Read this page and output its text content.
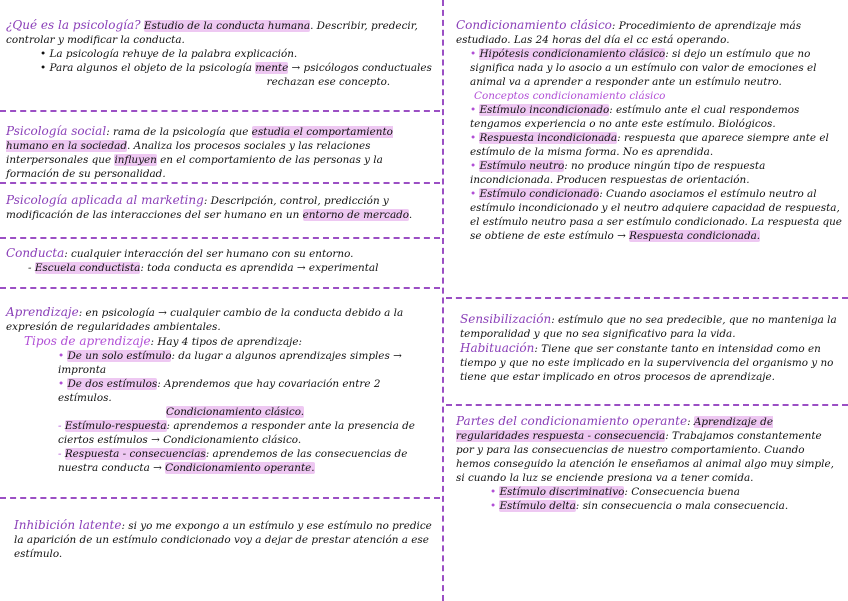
¿Qué es la psicología? Estudio de la conducta humana. Describir, predecir, controlar y modificar la conducta.

• La psicología rehuye de la palabra explicación.

• Para algunos el objeto de la psicología mente → psicólogos conductuales

rechazan ese concepto.

Psicología social: rama de la psicología que estudia el comportamiento humano en la sociedad. Analiza los procesos sociales y las relaciones interpersonales que influyen en el comportamiento de las personas y la formación de su personalidad.

Psicología aplicada al marketing: Descripción, control, predicción y modificación de las interacciones del ser humano en un entorno de mercado.

Conducta: cualquier interacción del ser humano con su entorno.

- Escuela conductista: toda conducta es aprendida → experimental

Aprendizaje: en psicología → cualquier cambio de la conducta debido a la expresión de regularidades ambientales.

Tipos de aprendizaje: Hay 4 tipos de aprendizaje:

• De un solo estímulo: da lugar a algunos aprendizajes simples → impronta

• De dos estímulos: Aprendemos que hay covariación entre 2 estímulos.

Condicionamiento clásico.

- Estímulo-respuesta: aprendemos a responder ante la presencia de ciertos estímulos → Condicionamiento clásico.

- Respuesta - consecuencias: aprendemos de las consecuencias de nuestra conducta → Condicionamiento operante.

Inhibición latente: si yo me expongo a un estímulo y ese estímulo no predice la aparición de un estímulo condicionado voy a dejar de prestar atención a ese estímulo.

Condicionamiento clásico: Procedimiento de aprendizaje más estudiado. Las 24 horas del día el cc está operando.

• Hipótesis condicionamiento clásico: si dejo un estímulo que no significa nada y lo asocio a un estímulo con valor de emociones el animal va a aprender a responder ante un estímulo neutro.

Conceptos condicionamiento clásico

• Estímulo incondicionado: estímulo ante el cual respondemos tengamos experiencia o no ante este estímulo. Biológicos.

• Respuesta incondicionada: respuesta que aparece siempre ante el estímulo de la misma forma. No es aprendida.

• Estímulo neutro: no produce ningún tipo de respuesta incondicionada. Producen respuestas de orientación.

• Estímulo condicionado: Cuando asociamos el estímulo neutro al estímulo incondicionado y el neutro adquiere capacidad de respuesta, el estímulo neutro pasa a ser estímulo condicionado. La respuesta que se obtiene de este estímulo → Respuesta condicionada.

Sensibilización: estímulo que no sea predecible, que no manteniga la temporalidad y que no sea significativo para la vida.

Habituación: Tiene que ser constante tanto en intensidad como en tiempo y que no este implicado en la supervivencia del organismo y no tiene que estar implicado en otros procesos de aprendizaje.

Partes del condicionamiento operante: Aprendizaje de regularidades respuesta - consecuencia: Trabajamos constantemente por y para las consecuencias de nuestro comportamiento. Cuando hemos conseguido la atención le enseñamos al animal algo muy simple, si cuando la luz se enciende presiona va a tener comida.

• Estímulo discriminativo: Consecuencia buena

• Estímulo delta: sin consecuencia o mala consecuencia.
